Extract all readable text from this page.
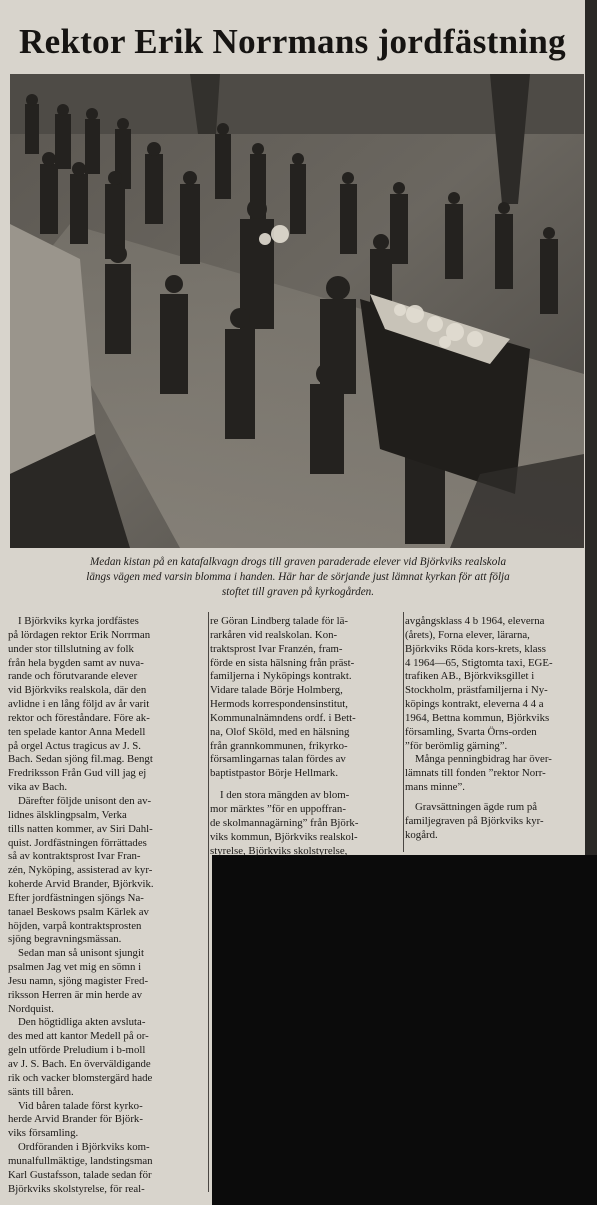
Rektor Erik Norrmans jordfästning
Medan kistan på en katafalkvagn drogs till graven paraderade elever vid Björkviks realskola
längs vägen med varsin blomma i handen. Här har de sörjande just lämnat kyrkan för att följa
stoftet till graven på kyrkogården.
I Björkviks kyrka jordfästes
på lördagen rektor Erik Norrman
under stor tillslutning av folk
från hela bygden samt av nuva-
rande och förutvarande elever
vid Björkviks realskola, där den
avlidne i en lång följd av år varit
rektor och föreståndare. Före ak-
ten spelade kantor Anna Medell
på orgel Actus tragicus av J. S.
Bach. Sedan sjöng fil.mag. Bengt
Fredriksson Från Gud vill jag ej
vika av Bach.
Därefter följde unisont den av-
lidnes älsklingpsalm, Verka
tills natten kommer, av Siri Dahl-
quist. Jordfästningen förrättades
så av kontraktsprost Ivar Fran-
zén, Nyköping, assisterad av kyr-
koherde Arvid Brander, Björkvik.
Efter jordfästningen sjöngs Na-
tanael Beskows psalm Kärlek av
höjden, varpå kontraktsprosten
sjöng begravningsmässan.
Sedan man så unisont sjungit
psalmen Jag vet mig en sömn i
Jesu namn, sjöng magister Fred-
riksson Herren är min herde av
Nordquist.
Den högtidliga akten avsluta-
des med att kantor Medell på or-
geln utförde Preludium i b-moll
av J. S. Bach. En överväldigande
rik och vacker blomstergärd hade
sänts till båren.
Vid båren talade först kyrko-
herde Arvid Brander för Björk-
viks församling.
Ordföranden i Björkviks kom-
munalfullmäktige, landstingsman
Karl Gustafsson, talade sedan för
Björkviks skolstyrelse, för real-
re Göran Lindberg talade för lä-
rarkåren vid realskolan. Kon-
traktsprost Ivar Franzén, fram-
förde en sista hälsning från präst-
familjerna i Nyköpings kontrakt.
Vidare talade Börje Holmberg,
Hermods korrespondensinstitut,
Kommunalnämndens ordf. i Bett-
na, Olof Sköld, med en hälsning
från grannkommunen, frikyrko-
församlingarnas talan fördes av
baptistpastor Börje Hellmark.
I den stora mängden av blom-
mor märktes ”för en uppoffran-
de skolmannagärning” från Björk-
viks kommun, Björkviks realskol-
styrelse, Björkviks skolstyrelse,
avgångsklass 4 b 1964, eleverna
(årets), Forna elever, lärarna,
Björkviks Röda kors-krets, klass
4 1964—65, Stigtomta taxi, EGE-
trafiken AB., Björkviksgillet i
Stockholm, prästfamiljerna i Ny-
köpings kontrakt, eleverna 4 4 a
1964, Bettna kommun, Björkviks
församling, Svarta Örns-orden
”för berömlig gärning”.
Många penningbidrag har över-
lämnats till fonden ”rektor Norr-
mans minne”.
Gravsättningen ägde rum på
familjegraven på Björkviks kyr-
kogård.
